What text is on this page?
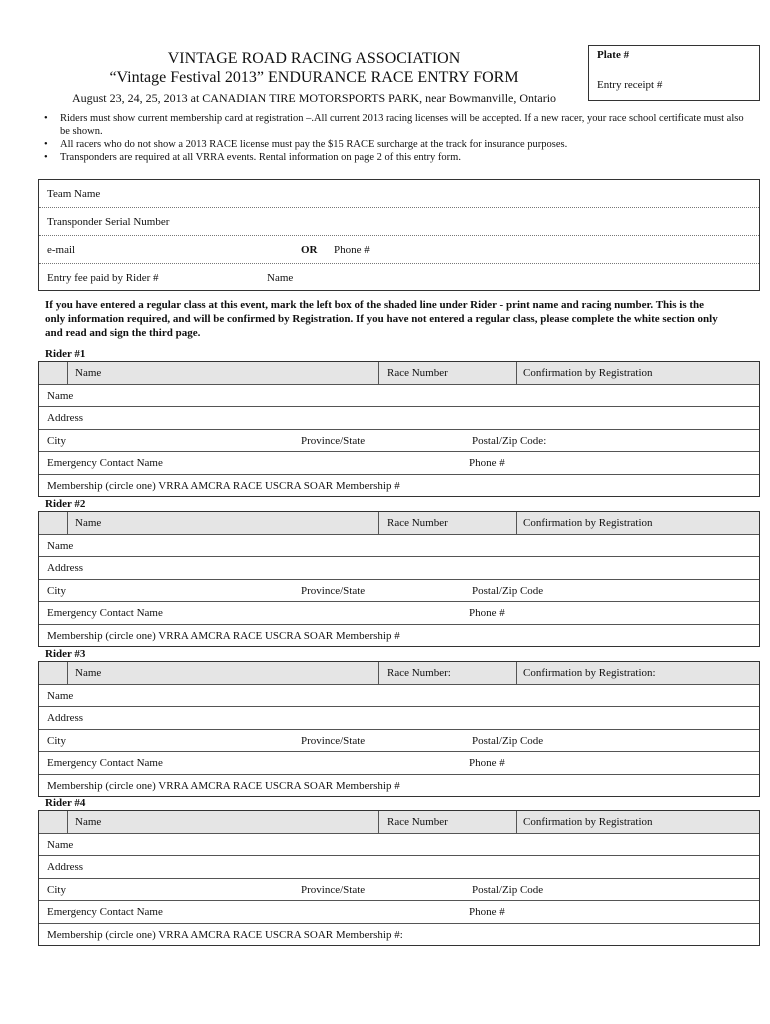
VINTAGE ROAD RACING ASSOCIATION
“Vintage Festival 2013” ENDURANCE RACE ENTRY FORM
August 23, 24, 25, 2013 at CANADIAN TIRE MOTORSPORTS PARK, near Bowmanville, Ontario
Plate #
Entry receipt #
• Riders must show current membership card at registration –.All current 2013 racing licenses will be accepted. If a new racer, your race school certificate must also be shown.
• All racers who do not show a 2013 RACE license must pay the $15 RACE surcharge at the track for insurance purposes.
• Transponders are required at all VRRA events. Rental information on page 2 of this entry form.
Team Name
Transponder Serial Number
e-mail	OR Phone #
Entry fee paid by Rider #	Name
If you have entered a regular class at this event, mark the left box of the shaded line under Rider - print name and racing number. This is the only information required, and will be confirmed by Registration. If you have not entered a regular class, please complete the white section only and read and sign the third page.
Rider #1
Name	Race Number	Confirmation by Registration
Name
Address
City	Province/State	Postal/Zip Code:
Emergency Contact Name	Phone #
Membership (circle one) VRRA AMCRA RACE USCRA SOAR Membership #
Rider #2
Name	Race Number	Confirmation by Registration
Name
Address
City	Province/State	Postal/Zip Code
Emergency Contact Name	Phone #
Membership (circle one) VRRA AMCRA RACE USCRA SOAR Membership #
Rider #3
Name	Race Number:	Confirmation by Registration:
Name
Address
City	Province/State	Postal/Zip Code
Emergency Contact Name	Phone #
Membership (circle one) VRRA AMCRA RACE USCRA SOAR Membership #
Rider #4
Name	Race Number	Confirmation by Registration
Name
Address
City	Province/State	Postal/Zip Code
Emergency Contact Name	Phone #
Membership (circle one) VRRA AMCRA RACE USCRA SOAR Membership #:
